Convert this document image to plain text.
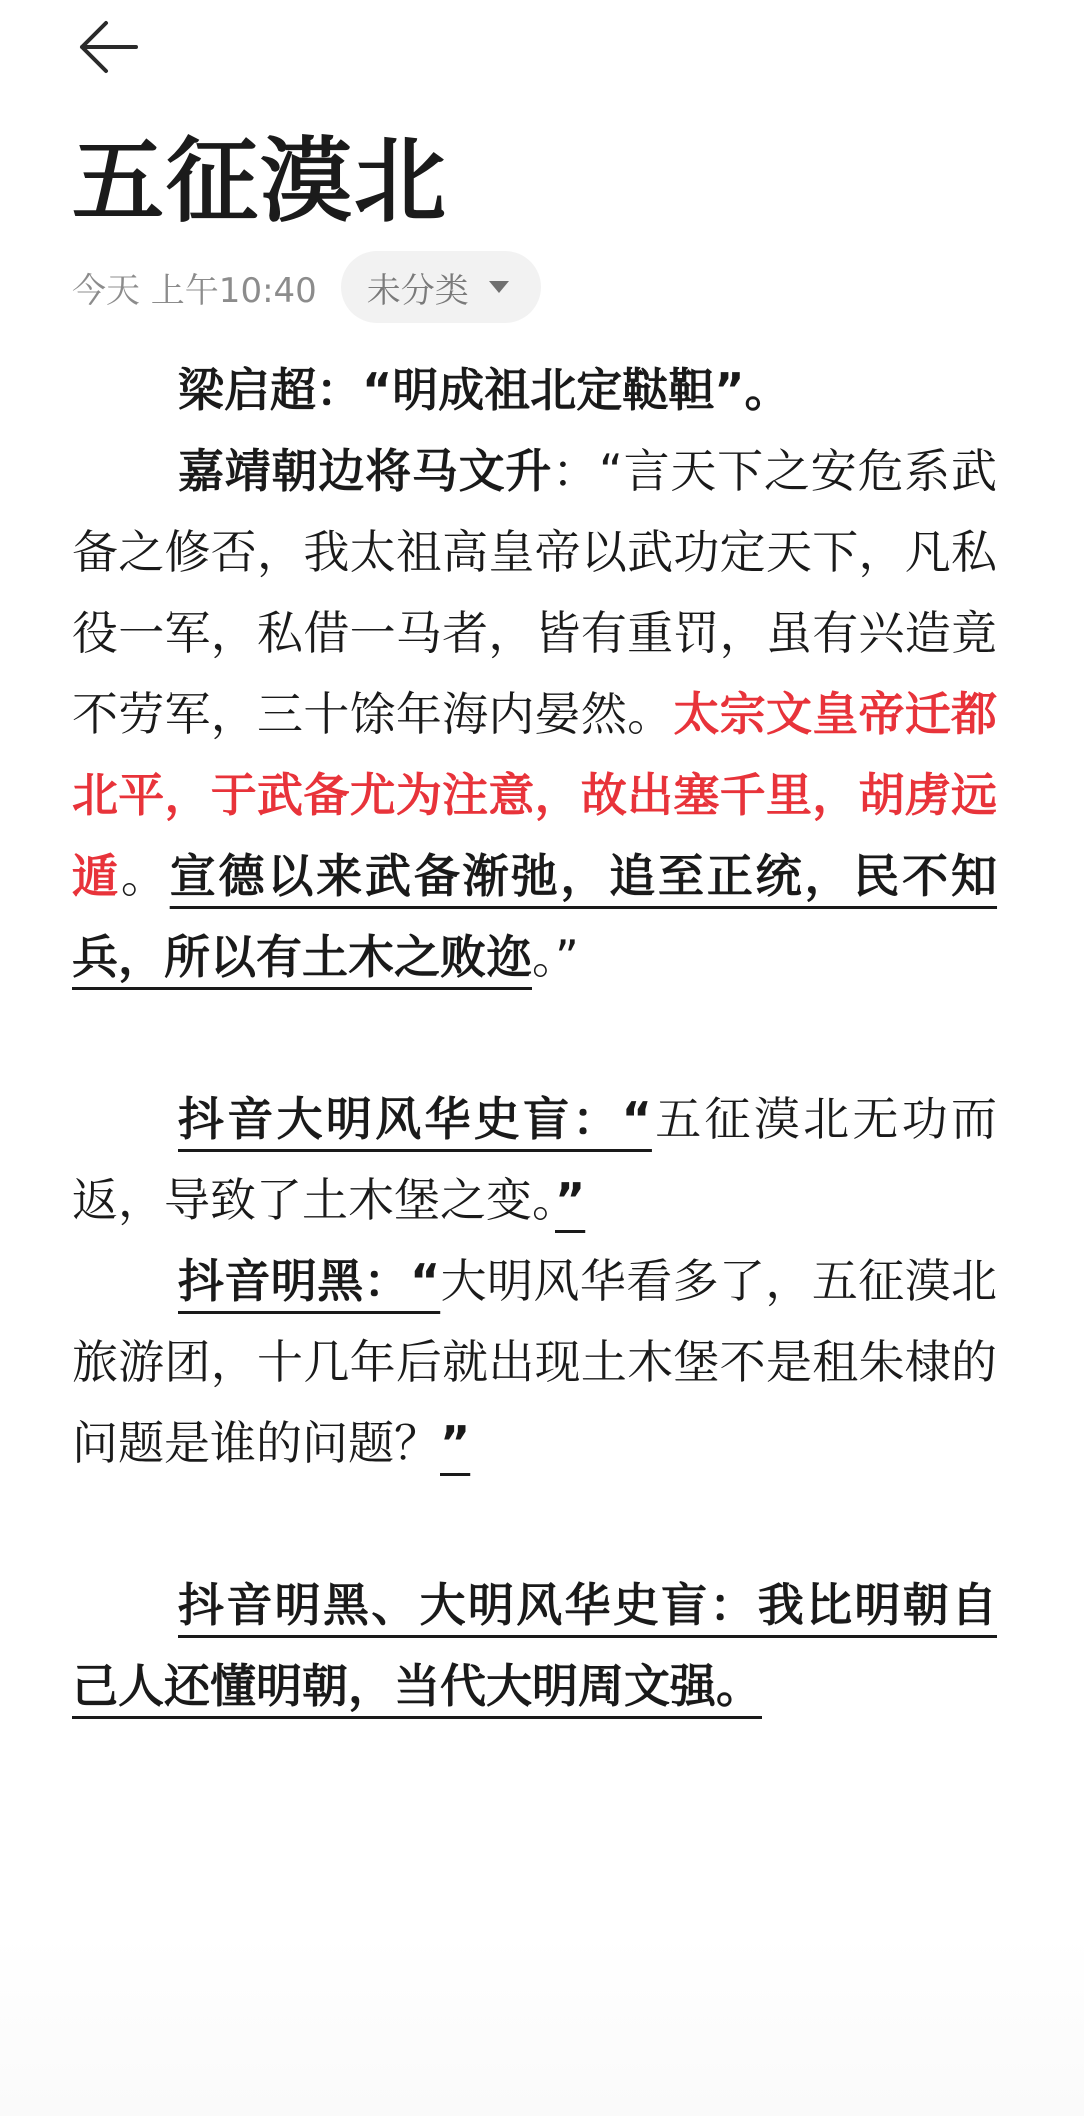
五征漠北
今天 上午10:40 未分类

梁启超：“明成祖北定鞑靼”。

嘉靖朝边将马文升：“言天下之安危系武备之修否，我太祖高皇帝以武功定天下，凡私役一军，私借一马者，皆有重罚，虽有兴造竟不劳军，三十馀年海内晏然。太宗文皇帝迁都北平，于武备尤为注意，故出塞千里，胡虏远遁。宣德以来武备渐弛，追至正统，民不知兵，所以有土木之败迩。”

抖音大明风华史盲：“五征漠北无功而返，导致了土木堡之变。”

抖音明黑：“大明风华看多了，五征漠北旅游团，十几年后就出现土木堡不是租朱棣的问题是谁的问题？”

抖音明黑、大明风华史盲：我比明朝自己人还懂明朝，当代大明周文强。
